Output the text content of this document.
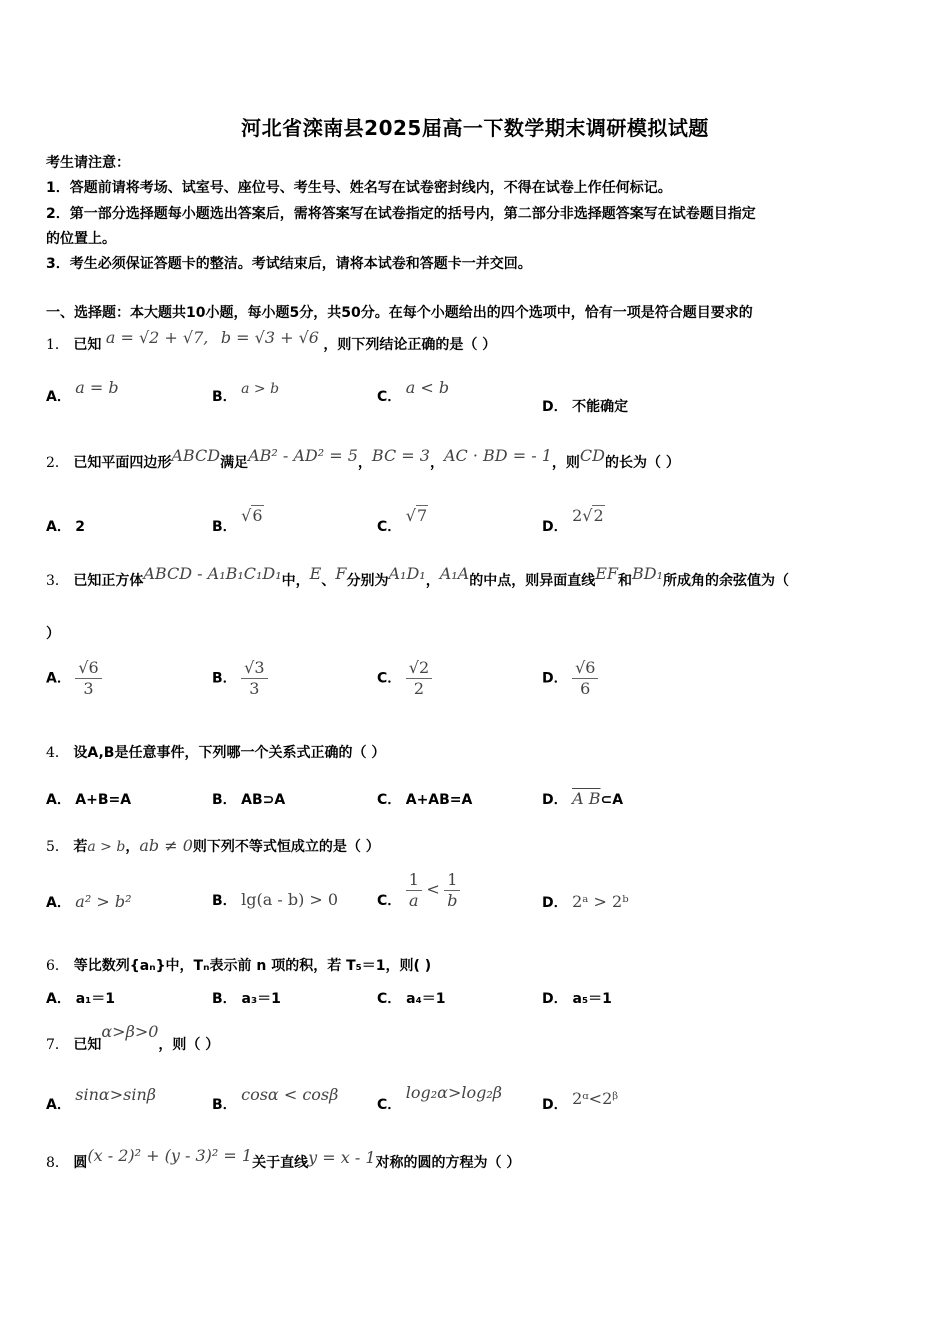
河北省滦南县2025届高一下数学期末调研模拟试题
考生请注意：
1．答题前请将考场、试室号、座位号、考生号、姓名写在试卷密封线内，不得在试卷上作任何标记。
2．第一部分选择题每小题选出答案后，需将答案写在试卷指定的括号内，第二部分非选择题答案写在试卷题目指定
的位置上。
3．考生必须保证答题卡的整洁。考试结束后，请将本试卷和答题卡一并交回。
一、选择题：本大题共10小题，每小题5分，共50分。在每个小题给出的四个选项中，恰有一项是符合题目要求的
1． 已知 a = √2 + √7, b = √3 + √6 ，则下列结论正确的是（ ）
A． a = b	B． a > b	C． a < b
D． 不能确定
2． 已知平面四边形ABCD满足AB² - AD² = 5，BC = 3，AC · BD = - 1，则CD的长为（ ）
A． 2	B． √6
C． √7
D． 2√2
3． 已知正方体ABCD - A₁B₁C₁D₁中，E、F分别为A₁D₁，A₁A的中点，则异面直线EF和BD₁所成角的余弦值为（
）
A． $\frac{√6}{3}$	B． $\frac{√3}{3}$	C． $\frac{√2}{2}$	D． $\frac{√6}{6}$
4． 设A,B是任意事件，下列哪一个关系式正确的（ ）
A． A+B=A	B． AB⊃A	C． A+AB=A	D． A B⊂A
5． 若a > b，ab ≠ 0则下列不等式恒成立的是（ ）
A． a² > b²	B． lg(a - b) > 0	C． $\frac{1}{a} < \frac{1}{b}$	D． 2ᵃ > 2ᵇ
6． 等比数列{aₙ}中，Tₙ表示前 n 项的积，若 T₅＝1，则( )
A． a₁＝1	B． a₃＝1	C． a₄＝1	D． a₅＝1
7． 已知α>β>0，则（ ）
A． sinα>sinβ
B． cosα < cosβ
C． log₂α>log₂β
D． 2ᵅ<2ᵝ
8． 圆(x - 2)² + (y - 3)² = 1关于直线y = x - 1对称的圆的方程为（ ）
